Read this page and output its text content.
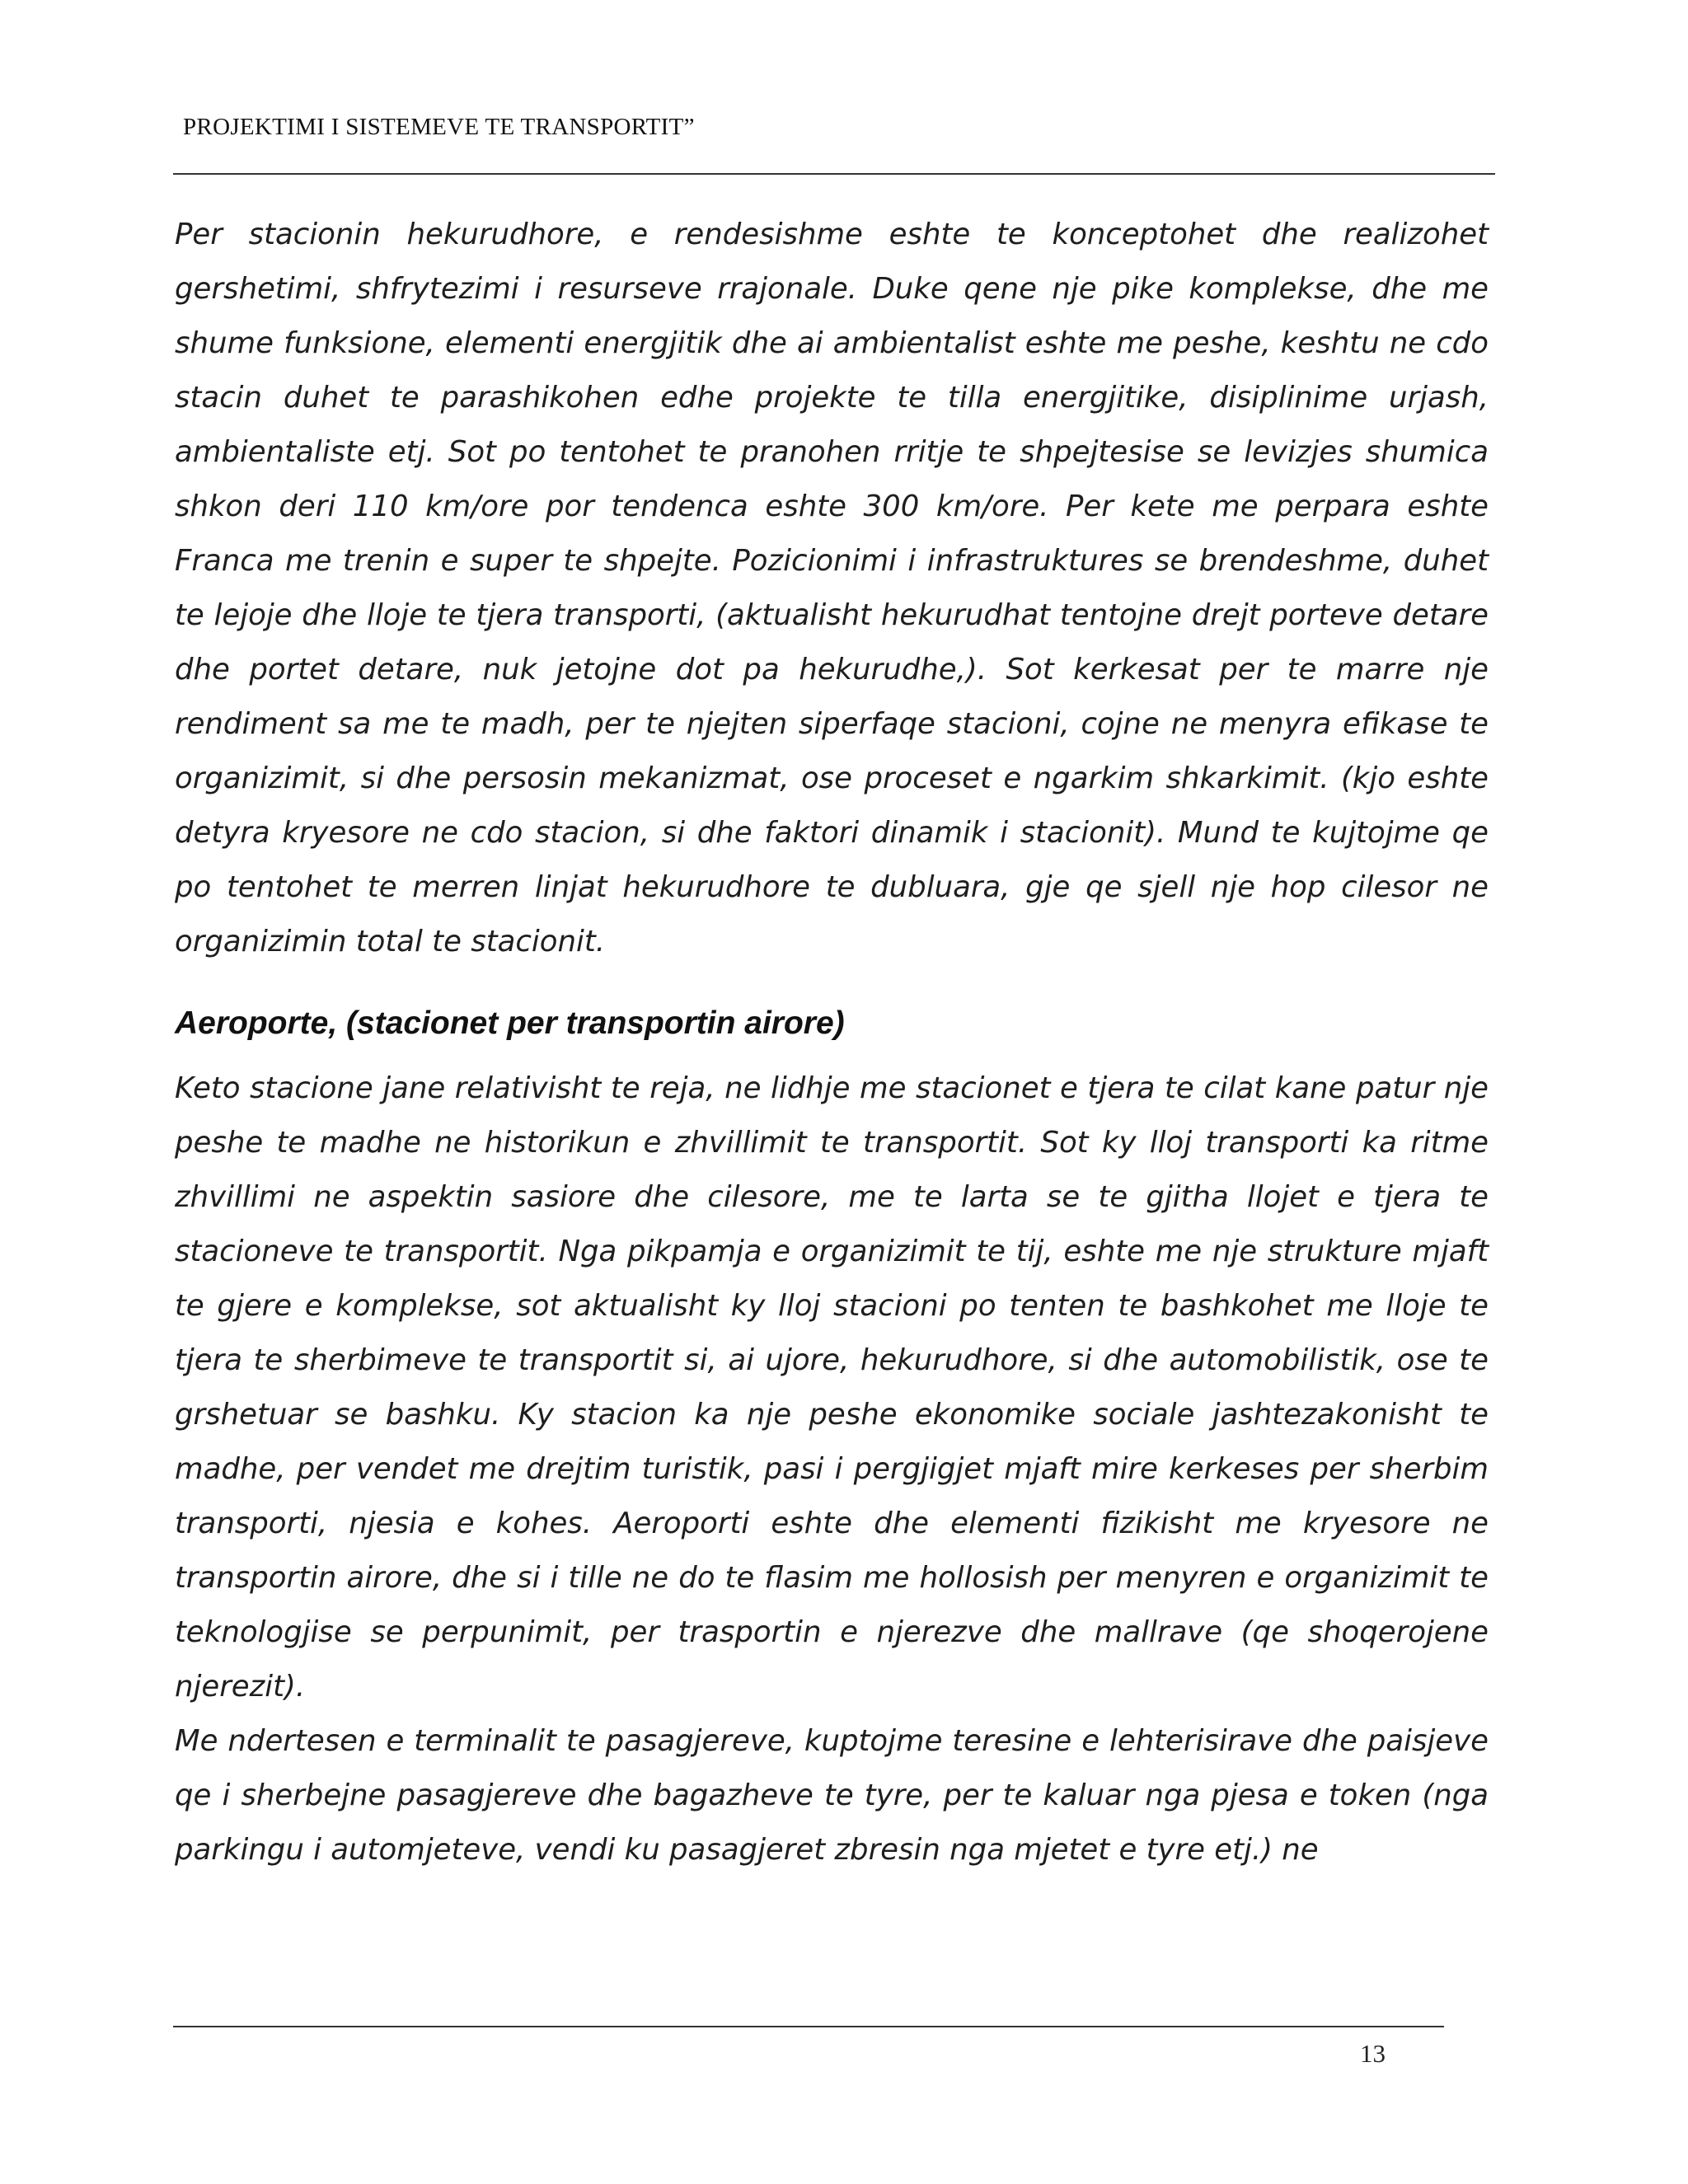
PROJEKTIMI I SISTEMEVE TE TRANSPORTIT”

Per stacionin hekurudhore, e rendesishme eshte te konceptohet dhe realizohet gershetimi, shfrytezimi i resurseve rrajonale. Duke qene nje pike komplekse, dhe me shume funksione, elementi energjitik dhe ai ambientalist eshte me peshe, keshtu ne cdo stacin duhet te parashikohen edhe projekte te tilla energjitike, disiplinime urjash, ambientaliste etj. Sot po tentohet te pranohen rritje te shpejtesise se levizjes shumica shkon deri 110 km/ore por tendenca eshte 300 km/ore. Per kete me perpara eshte Franca me trenin e super te shpejte. Pozicionimi i infrastruktures se brendeshme, duhet te lejoje dhe lloje te tjera transporti, (aktualisht hekurudhat tentojne drejt porteve detare dhe portet detare, nuk jetojne dot pa hekurudhe,). Sot kerkesat per te marre nje rendiment sa me te madh, per te njejten siperfaqe stacioni, cojne ne menyra efikase te organizimit, si dhe persosin mekanizmat, ose proceset e ngarkim shkarkimit. (kjo eshte detyra kryesore ne cdo stacion, si dhe faktori dinamik i stacionit). Mund te kujtojme qe po tentohet te merren linjat hekurudhore te dubluara, gje qe sjell nje hop cilesor ne organizimin total te stacionit.

Aeroporte, (stacionet per transportin airore)

Keto stacione jane relativisht te reja, ne lidhje me stacionet e tjera te cilat kane patur nje peshe te madhe ne historikun e zhvillimit te transportit. Sot ky lloj transporti ka ritme zhvillimi ne aspektin sasiore dhe cilesore, me te larta se te gjitha llojet e tjera te stacioneve te transportit. Nga pikpamja e organizimit te tij, eshte me nje strukture mjaft te gjere e komplekse, sot aktualisht ky lloj stacioni po tenten te bashkohet me lloje te tjera te sherbimeve te transportit si, ai ujore, hekurudhore, si dhe automobilistik, ose te grshetuar se bashku. Ky stacion ka nje peshe ekonomike sociale jashtezakonisht te madhe, per vendet me drejtim turistik, pasi i pergjigjet mjaft mire kerkeses per sherbim transporti, njesia e kohes. Aeroporti eshte dhe elementi fizikisht me kryesore ne transportin airore, dhe si i tille ne do te flasim me hollosish per menyren e organizimit te teknologjise se perpunimit, per trasportin e njerezve dhe mallrave (qe shoqerojene njerezit).

Me ndertesen e terminalit te pasagjereve, kuptojme teresine e lehterisirave dhe paisjeve qe i sherbejne pasagjereve dhe bagazheve te tyre, per te kaluar nga pjesa e token (nga parkingu i automjeteve, vendi ku pasagjeret zbresin nga mjetet e tyre etj.) ne

13
